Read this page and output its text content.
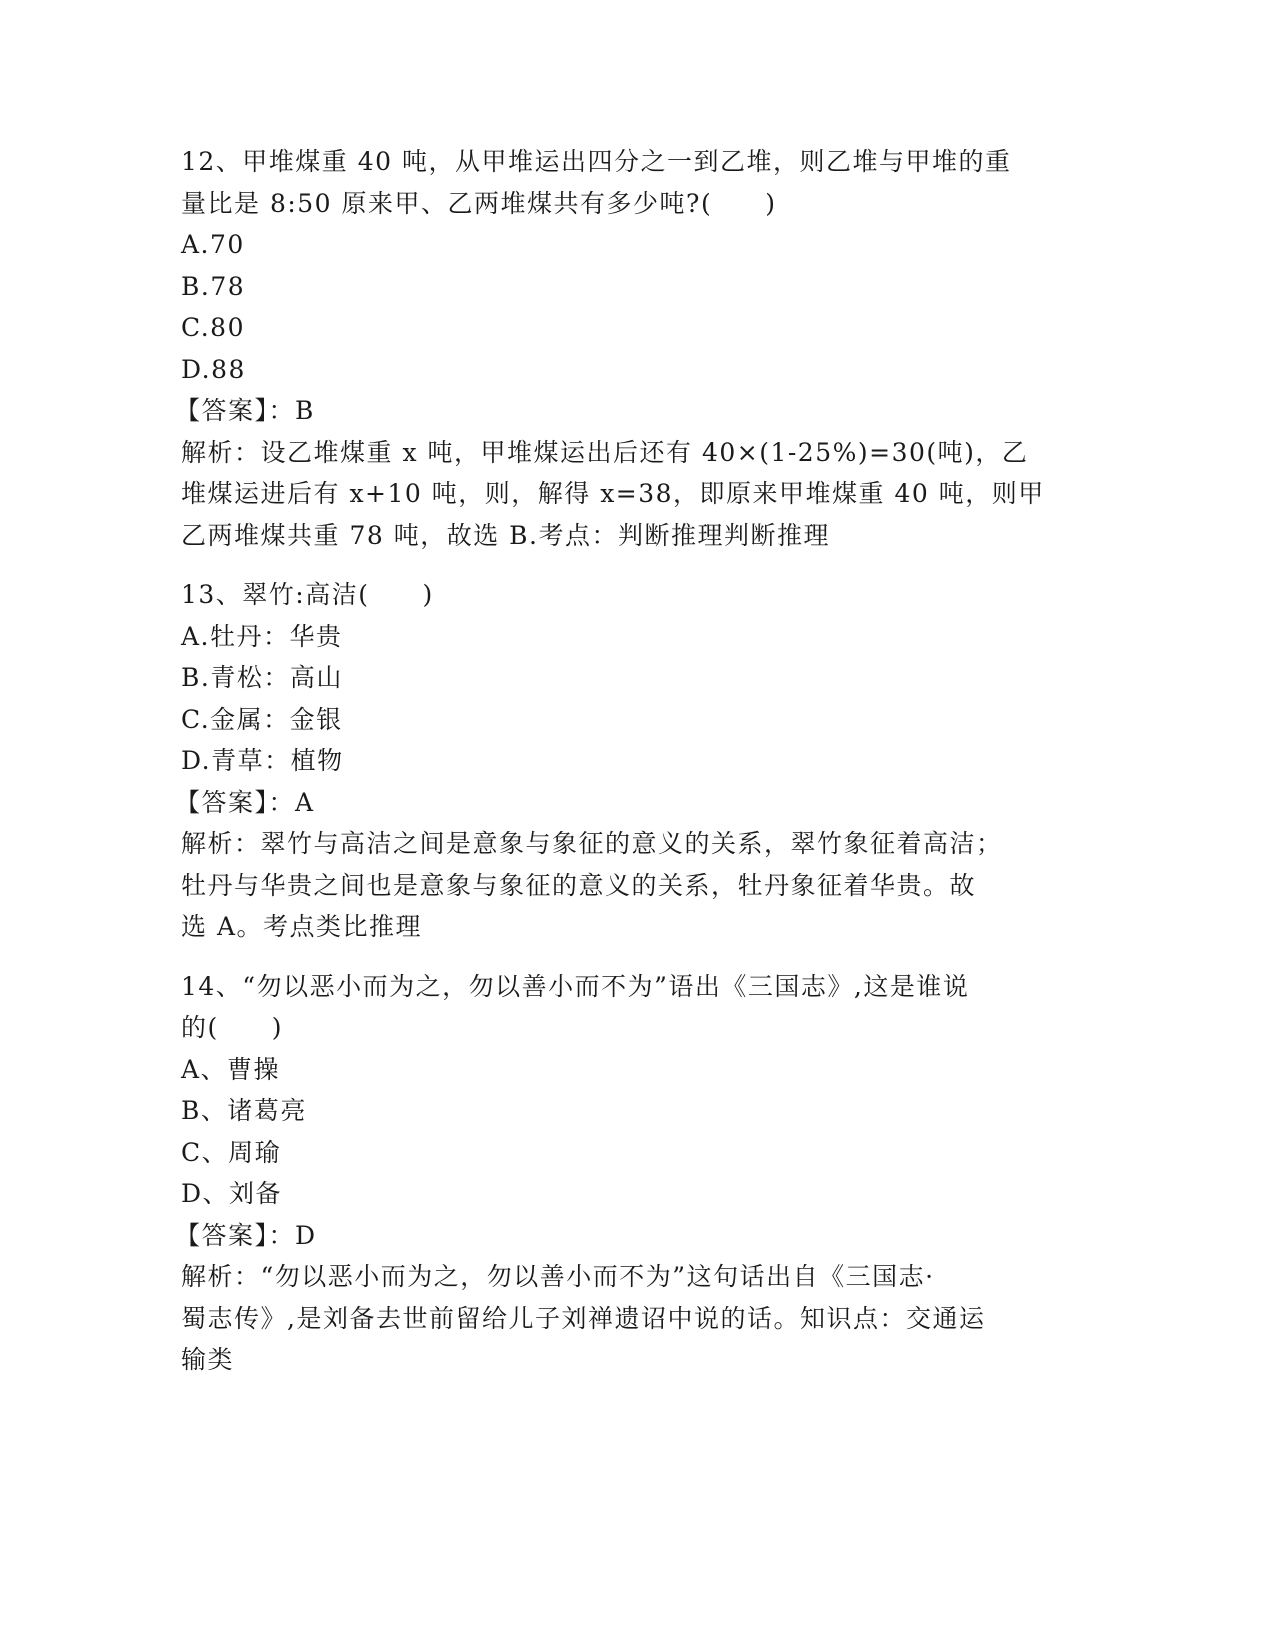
12、甲堆煤重 40 吨，从甲堆运出四分之一到乙堆，则乙堆与甲堆的重
量比是 8:50 原来甲、乙两堆煤共有多少吨?(　　)
A.70
B.78
C.80
D.88
【答案】：B
解析：设乙堆煤重 x 吨，甲堆煤运出后还有 40×(1-25%)=30(吨)，乙
堆煤运进后有 x+10 吨，则，解得 x=38，即原来甲堆煤重 40 吨，则甲
乙两堆煤共重 78 吨，故选 B.考点：判断推理判断推理
13、翠竹:高洁(　　)
A.牡丹：华贵
B.青松：高山
C.金属：金银
D.青草：植物
【答案】：A
解析：翠竹与高洁之间是意象与象征的意义的关系，翠竹象征着高洁；
牡丹与华贵之间也是意象与象征的意义的关系，牡丹象征着华贵。故
选 A。考点类比推理
14、“勿以恶小而为之，勿以善小而不为”语出《三国志》,这是谁说
的(　　)
A、曹操
B、诸葛亮
C、周瑜
D、刘备
【答案】：D
解析：“勿以恶小而为之，勿以善小而不为”这句话出自《三国志·
蜀志传》,是刘备去世前留给儿子刘禅遗诏中说的话。知识点：交通运
输类
